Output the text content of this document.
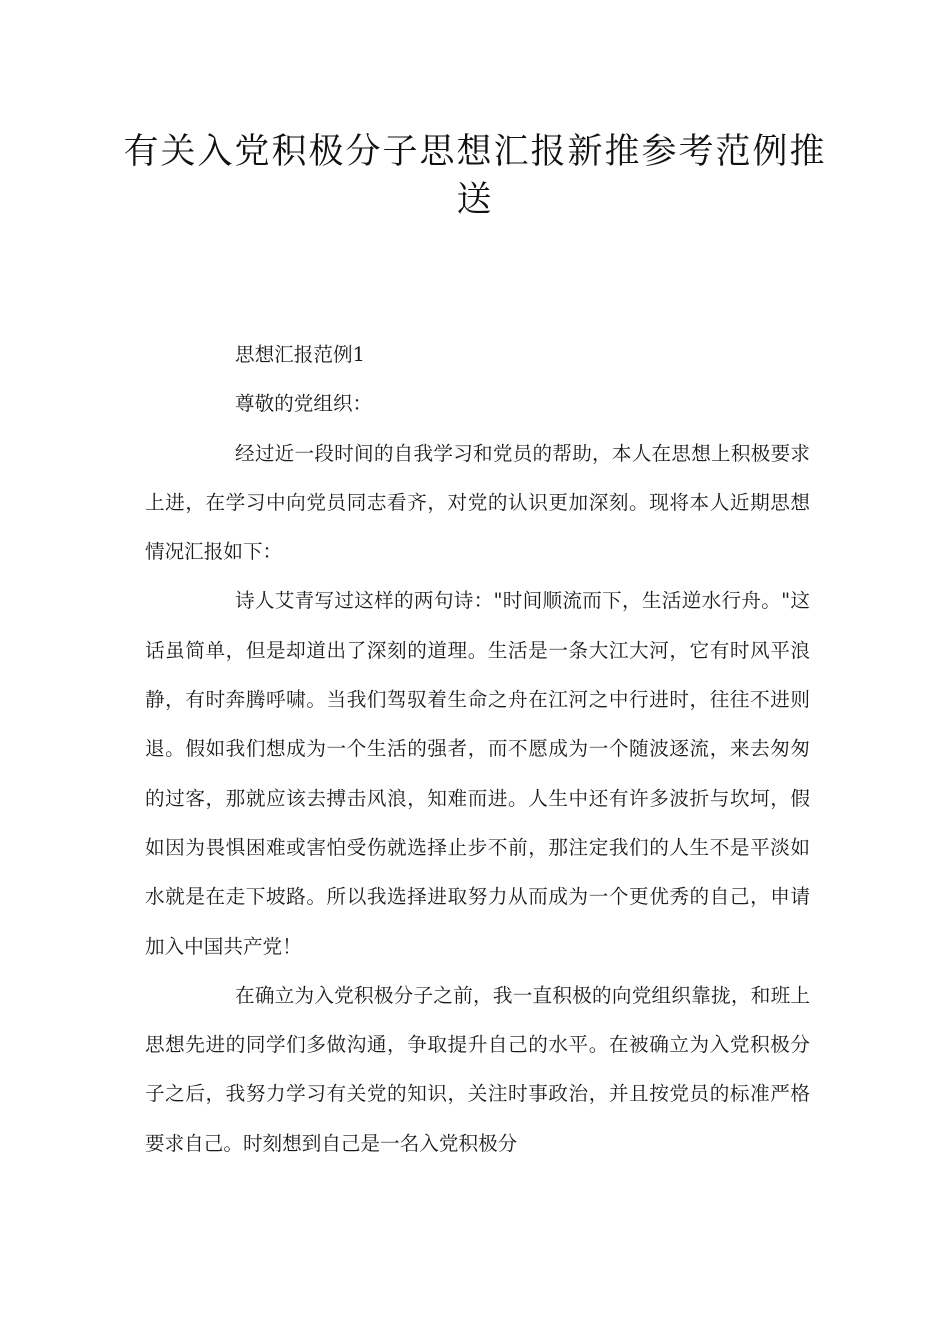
有关入党积极分子思想汇报新推参考范例推送

思想汇报范例1

尊敬的党组织：

经过近一段时间的自我学习和党员的帮助，本人在思想上积极要求上进，在学习中向党员同志看齐，对党的认识更加深刻。现将本人近期思想情况汇报如下：

诗人艾青写过这样的两句诗："时间顺流而下，生活逆水行舟。"这话虽简单，但是却道出了深刻的道理。生活是一条大江大河，它有时风平浪静，有时奔腾呼啸。当我们驾驭着生命之舟在江河之中行进时，往往不进则退。假如我们想成为一个生活的强者，而不愿成为一个随波逐流，来去匆匆的过客，那就应该去搏击风浪，知难而进。人生中还有许多波折与坎坷，假如因为畏惧困难或害怕受伤就选择止步不前，那注定我们的人生不是平淡如水就是在走下坡路。所以我选择进取努力从而成为一个更优秀的自己，申请加入中国共产党！

在确立为入党积极分子之前，我一直积极的向党组织靠拢，和班上思想先进的同学们多做沟通，争取提升自己的水平。在被确立为入党积极分子之后，我努力学习有关党的知识，关注时事政治，并且按党员的标准严格要求自己。时刻想到自己是一名入党积极分
